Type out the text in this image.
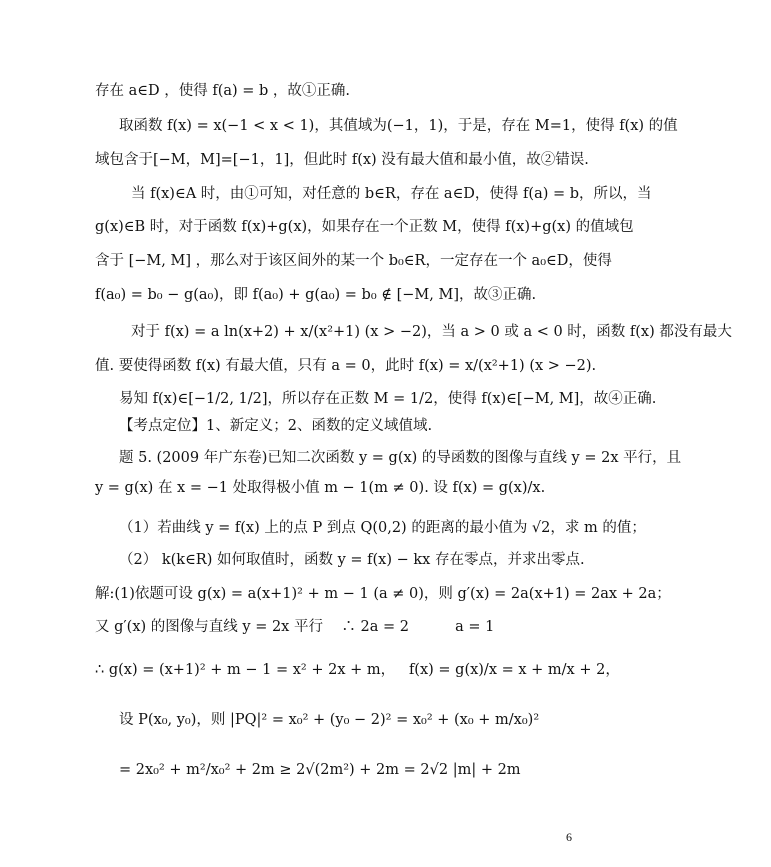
存在 a∈D ，使得 f(a) = b ，故①正确.
取函数 f(x) = x(−1 < x < 1)，其值域为(−1，1)，于是，存在 M=1，使得 f(x) 的值
域包含于[−M，M]=[−1，1]，但此时 f(x) 没有最大值和最小值，故②错误.
当 f(x)∈A 时，由①可知，对任意的 b∈R，存在 a∈D，使得 f(a) = b，所以，当
g(x)∈B 时，对于函数 f(x)+g(x)，如果存在一个正数 M，使得 f(x)+g(x) 的值域包
含于 [−M, M] ，那么对于该区间外的某一个 b₀∈R，一定存在一个 a₀∈D，使得
f(a₀) = b₀ − g(a₀)，即 f(a₀) + g(a₀) = b₀ ∉ [−M, M]，故③正确.
对于 f(x) = a ln(x+2) + x/(x²+1) (x > −2)，当 a > 0 或 a < 0 时，函数 f(x) 都没有最大
值. 要使得函数 f(x) 有最大值，只有 a = 0，此时 f(x) = x/(x²+1) (x > −2).
易知 f(x)∈[−1/2, 1/2]，所以存在正数 M = 1/2，使得 f(x)∈[−M, M]，故④正确.
【考点定位】1、新定义；2、函数的定义域值域.
题 5. (2009 年广东卷)已知二次函数 y = g(x) 的导函数的图像与直线 y = 2x 平行，且
y = g(x) 在 x = −1 处取得极小值 m − 1(m ≠ 0). 设 f(x) = g(x)/x.
（1）若曲线 y = f(x) 上的点 P 到点 Q(0,2) 的距离的最小值为 √2，求 m 的值；
（2） k(k∈R) 如何取值时，函数 y = f(x) − kx 存在零点，并求出零点.
解:(1)依题可设 g(x) = a(x+1)² + m − 1 (a ≠ 0)，则 g′(x) = 2a(x+1) = 2ax + 2a；
又 g′(x) 的图像与直线 y = 2x 平行    ∴ 2a = 2          a = 1
∴ g(x) = (x+1)² + m − 1 = x² + 2x + m，   f(x) = g(x)/x = x + m/x + 2，
设 P(x₀, y₀)，则 |PQ|² = x₀² + (y₀ − 2)² = x₀² + (x₀ + m/x₀)²
= 2x₀² + m²/x₀² + 2m ≥ 2√(2m²) + 2m = 2√2 |m| + 2m
6
